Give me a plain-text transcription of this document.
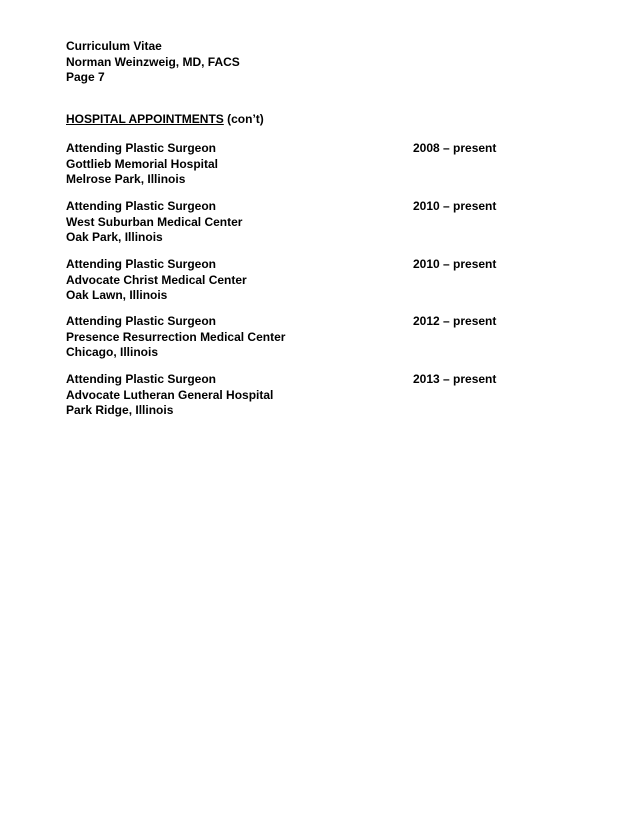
Curriculum Vitae
Norman Weinzweig, MD, FACS
Page 7
HOSPITAL APPOINTMENTS (con’t)
Attending Plastic Surgeon
Gottlieb Memorial Hospital
Melrose Park, Illinois
2008 – present
Attending Plastic Surgeon
West Suburban Medical Center
Oak Park, Illinois
2010 – present
Attending Plastic Surgeon
Advocate Christ Medical Center
Oak Lawn, Illinois
2010 – present
Attending Plastic Surgeon
Presence Resurrection Medical Center
Chicago, Illinois
2012 – present
Attending Plastic Surgeon
Advocate Lutheran General Hospital
Park Ridge, Illinois
2013 – present
